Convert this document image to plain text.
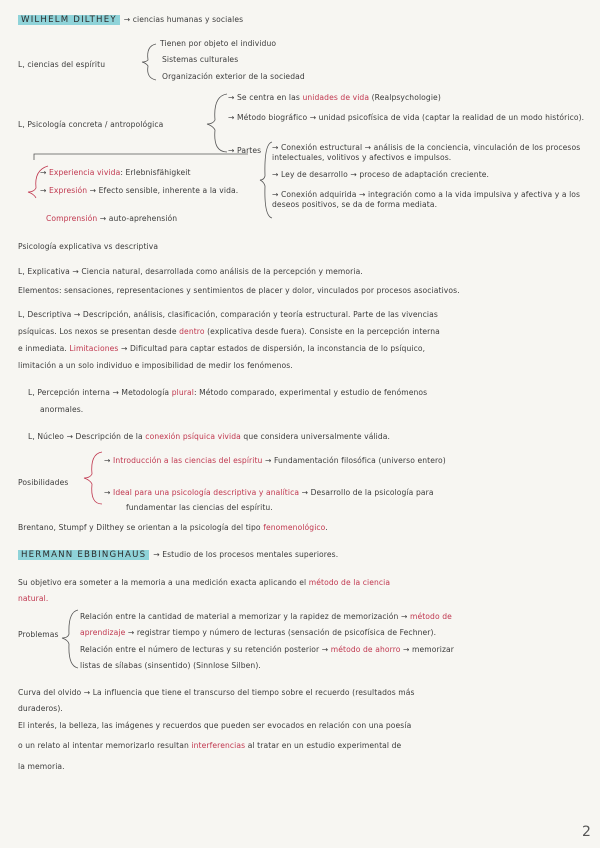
WILHELM DILTHEY → ciencias humanas y sociales
L, ciencias del espíritu
Tienen por objeto el individuo
Sistemas culturales
Organización exterior de la sociedad
L, Psicología concreta / antropológica
→ Se centra en las unidades de vida (Realpsychologie)
→ Método biográfico → unidad psicofísica de vida (captar la realidad de un modo histórico).
→ Partes → Conexión estructural → análisis de la conciencia, vinculación de los procesos intelectuales, volitivos y afectivos e impulsos.
→ Ley de desarrollo → proceso de adaptación creciente.
→ Conexión adquirida → integración como a la vida impulsiva y afectiva y a los deseos positivos, se da de forma mediata.
→ Experiencia vivida: Erlebnisfähigkeit
→ Expresión → Efecto sensible, inherente a la vida.
Comprensión → auto-aprehensión
Psicología explicativa vs descriptiva
L, Explicativa → Ciencia natural, desarrollada como análisis de la percepción y memoria.
Elementos: sensaciones, representaciones y sentimientos de placer y dolor, vinculados por procesos asociativos.
L, Descriptiva → Descripción, análisis, clasificación, comparación y teoría estructural. Parte de las vivencias
psíquicas. Los nexos se presentan desde dentro (explicativa desde fuera). Consiste en la percepción interna
e inmediata. Limitaciones → Dificultad para captar estados de dispersión, la inconstancia de lo psíquico,
limitación a un solo individuo e imposibilidad de medir los fenómenos.
L, Percepción interna → Metodología plural: Método comparado, experimental y estudio de fenómenos
anormales.
L, Núcleo → Descripción de la conexión psíquica vivida que considera universalmente válida.
Posibilidades
→ Introducción a las ciencias del espíritu → Fundamentación filosófica (universo entero)
→ Ideal para una psicología descriptiva y analítica → Desarrollo de la psicología para
fundamentar las ciencias del espíritu.
Brentano, Stumpf y Dilthey se orientan a la psicología del tipo fenomenológico.
HERMANN EBBINGHAUS → Estudio de los procesos mentales superiores.
Su objetivo era someter a la memoria a una medición exacta aplicando el método de la ciencia
natural.
Problemas
Relación entre la cantidad de material a memorizar y la rapidez de memorización → método de
aprendizaje → registrar tiempo y número de lecturas (sensación de psicofísica de Fechner).
Relación entre el número de lecturas y su retención posterior → método de ahorro → memorizar
listas de sílabas (sinsentido) (Sinnlose Silben).
Curva del olvido → La influencia que tiene el transcurso del tiempo sobre el recuerdo (resultados más
duraderos).
El interés, la belleza, las imágenes y recuerdos que pueden ser evocados en relación con una poesía
o un relato al intentar memorizarlo resultan interferencias al tratar en un estudio experimental de
la memoria.
2
